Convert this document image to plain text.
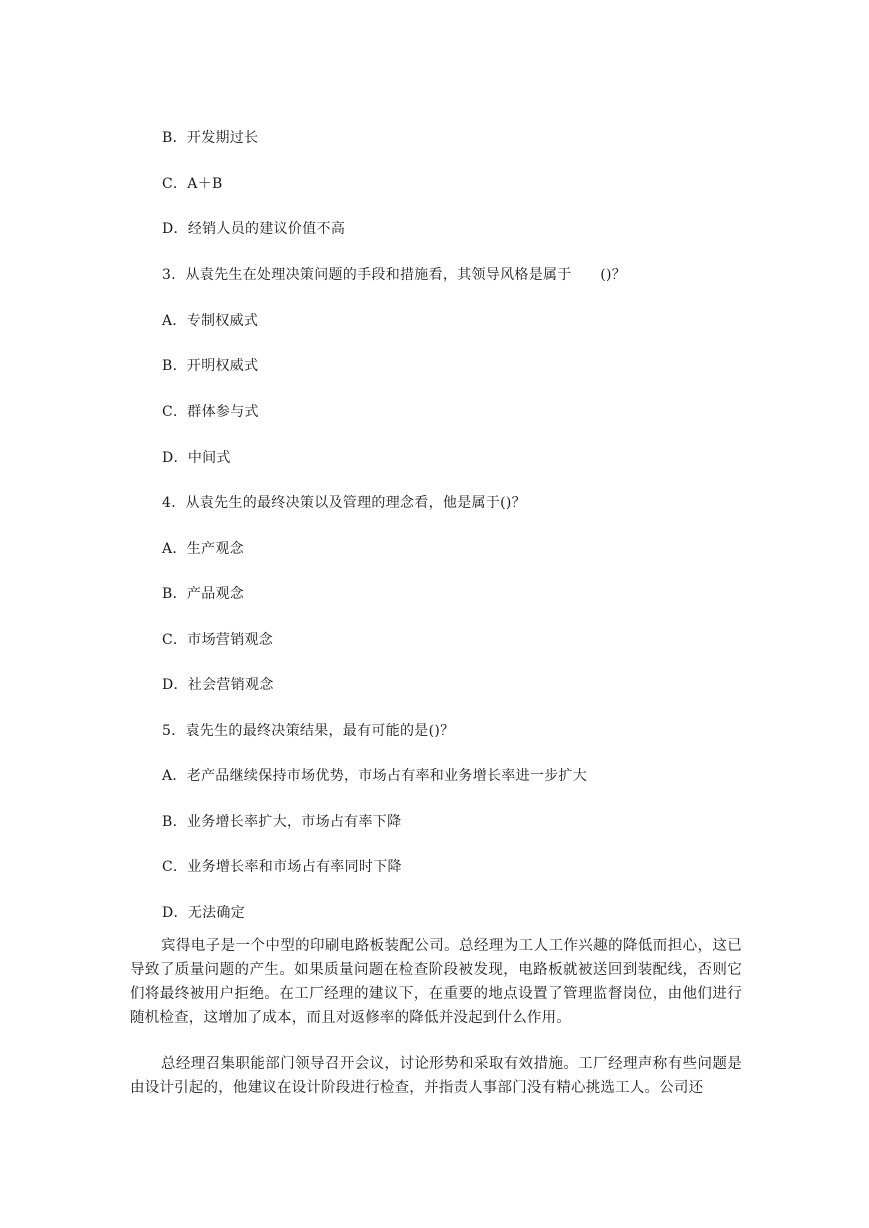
B．开发期过长
C．A＋B
D．经销人员的建议价值不高
3．从袁先生在处理决策问题的手段和措施看，其领导风格是属于　　()？
A．专制权威式
B．开明权威式
C．群体参与式
D．中间式
4．从袁先生的最终决策以及管理的理念看，他是属于()？
A．生产观念
B．产品观念
C．市场营销观念
D．社会营销观念
5．袁先生的最终决策结果，最有可能的是()？
A．老产品继续保持市场优势，市场占有率和业务增长率进一步扩大
B．业务增长率扩大，市场占有率下降
C．业务增长率和市场占有率同时下降
D．无法确定

宾得电子是一个中型的印刷电路板装配公司。总经理为工人工作兴趣的降低而担心，这已导致了质量问题的产生。如果质量问题在检查阶段被发现，电路板就被送回到装配线，否则它们将最终被用户拒绝。在工厂经理的建议下，在重要的地点设置了管理监督岗位，由他们进行随机检查，这增加了成本，而且对返修率的降低并没起到什么作用。

总经理召集职能部门领导召开会议，讨论形势和采取有效措施。工厂经理声称有些问题是由设计引起的，他建议在设计阶段进行检查，并指责人事部门没有精心挑选工人。公司还
